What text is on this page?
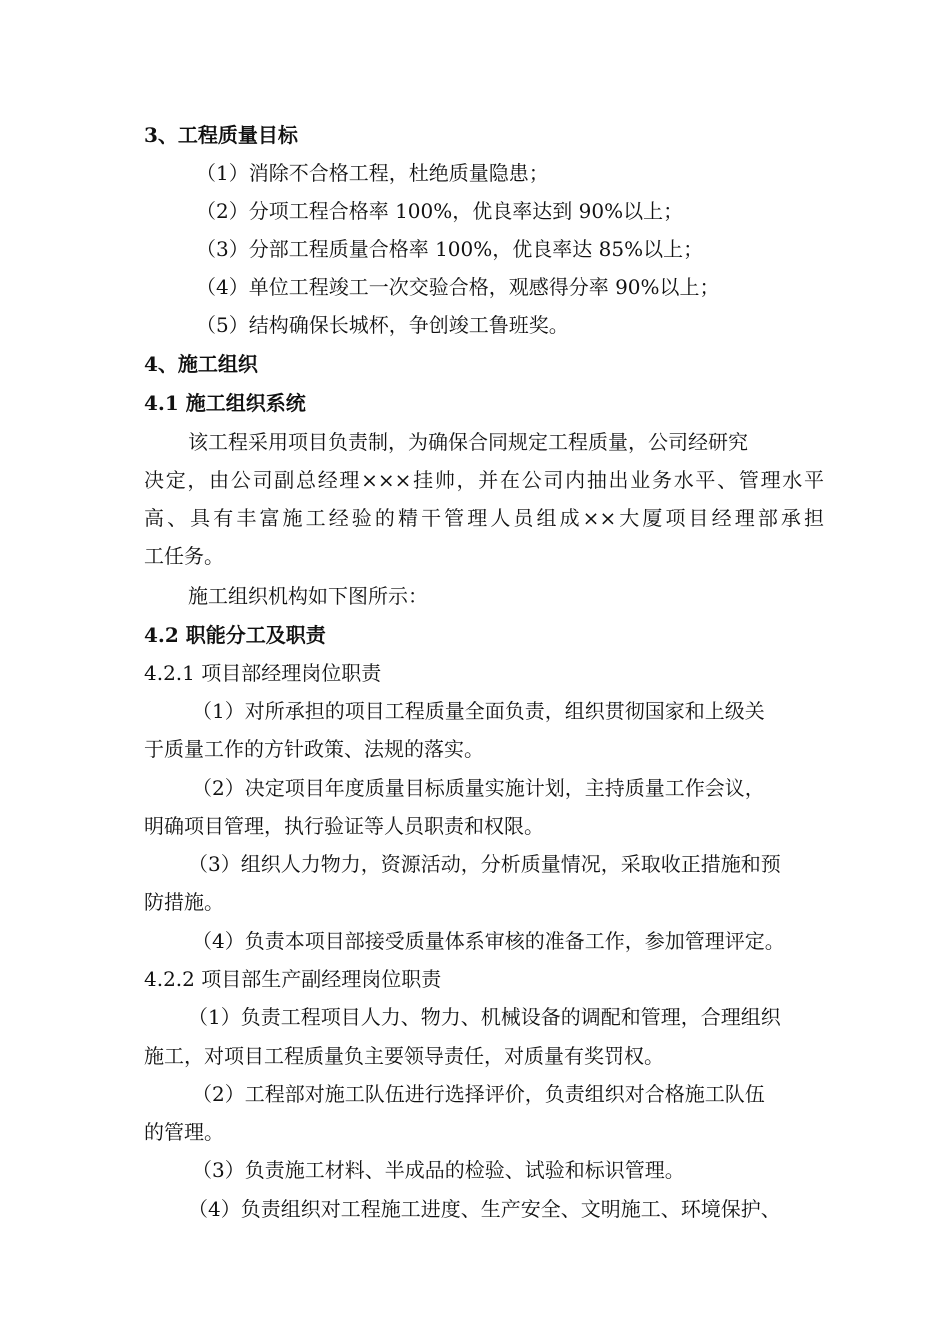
3、工程质量目标
（1）消除不合格工程，杜绝质量隐患；
（2）分项工程合格率 100%，优良率达到 90%以上；
（3）分部工程质量合格率 100%，优良率达 85%以上；
（4）单位工程竣工一次交验合格，观感得分率 90%以上；
（5）结构确保长城杯，争创竣工鲁班奖。
4、施工组织
4.1 施工组织系统
该工程采用项目负责制，为确保合同规定工程质量，公司经研究
决定，由公司副总经理×××挂帅，并在公司内抽出业务水平、管理水平
高、具有丰富施工经验的精干管理人员组成××大厦项目经理部承担
工任务。
施工组织机构如下图所示：
4.2 职能分工及职责
4.2.1 项目部经理岗位职责
（1）对所承担的项目工程质量全面负责，组织贯彻国家和上级关
于质量工作的方针政策、法规的落实。
（2）决定项目年度质量目标质量实施计划，主持质量工作会议，
明确项目管理，执行验证等人员职责和权限。
（3）组织人力物力，资源活动，分析质量情况，采取收正措施和预
防措施。
（4）负责本项目部接受质量体系审核的准备工作，参加管理评定。
4.2.2 项目部生产副经理岗位职责
（1）负责工程项目人力、物力、机械设备的调配和管理，合理组织
施工，对项目工程质量负主要领导责任，对质量有奖罚权。
（2）工程部对施工队伍进行选择评价，负责组织对合格施工队伍
的管理。
（3）负责施工材料、半成品的检验、试验和标识管理。
（4）负责组织对工程施工进度、生产安全、文明施工、环境保护、
